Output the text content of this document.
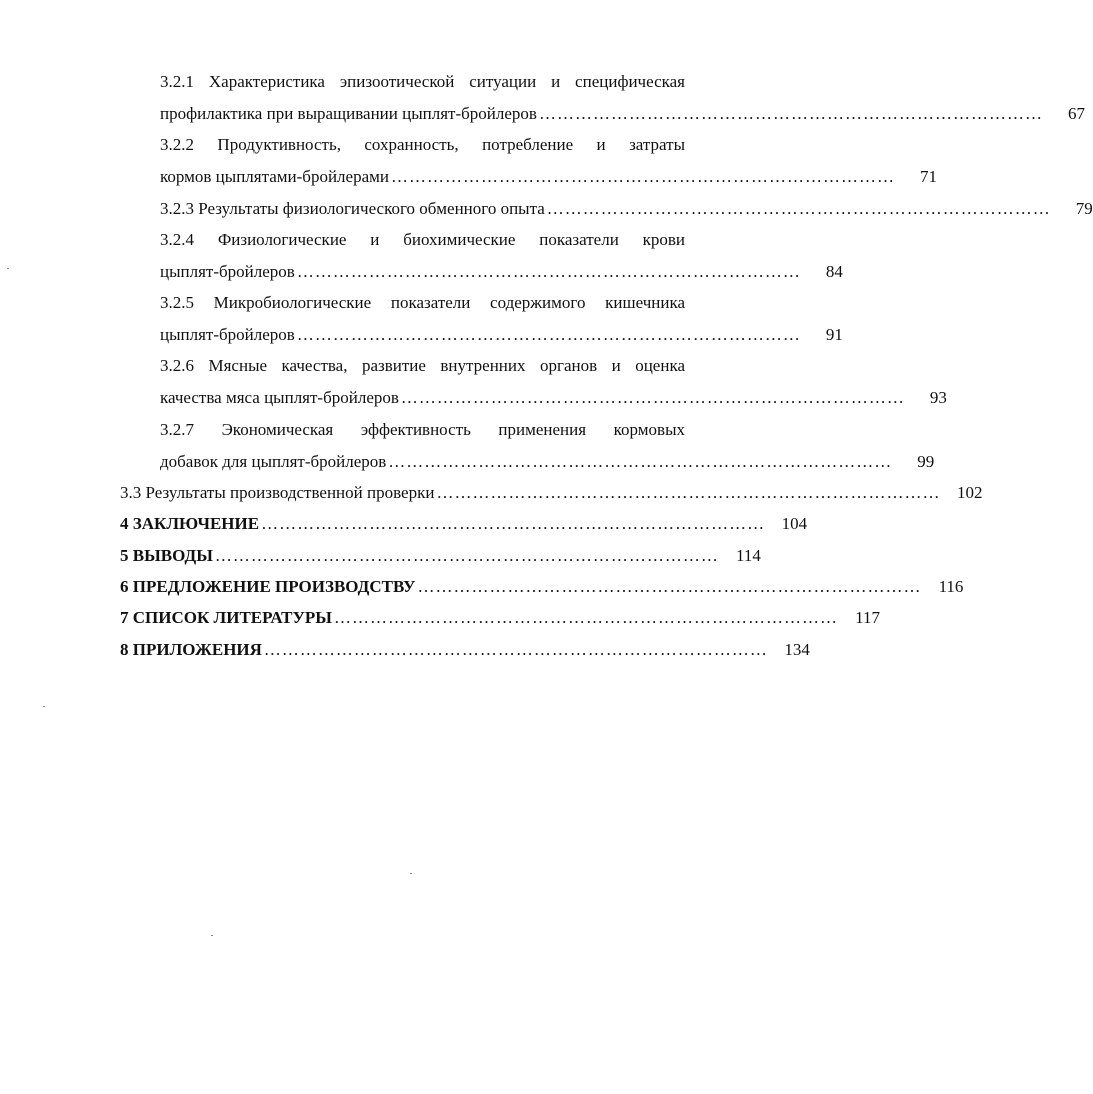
3.2.1 Характеристика эпизоотической ситуации и специфическая
профилактика при выращивании цыплят-бройлеров …………………………………………………………………………	67
3.2.2 Продуктивность, сохранность, потребление и затраты
кормов цыплятами-бройлерами …………………………………………………………………………	71
3.2.3 Результаты физиологического обменного опыта …………………………………………………………………………	79
3.2.4 Физиологические и биохимические показатели крови
цыплят-бройлеров …………………………………………………………………………	84
3.2.5 Микробиологические показатели содержимого кишечника
цыплят-бройлеров …………………………………………………………………………	91
3.2.6 Мясные качества, развитие внутренних органов и оценка
качества мяса цыплят-бройлеров …………………………………………………………………………	93
3.2.7 Экономическая эффективность применения кормовых
добавок для цыплят-бройлеров …………………………………………………………………………	99
3.3 Результаты производственной проверки ………………………………………………………………………… 102
4 ЗАКЛЮЧЕНИЕ ………………………………………………………………………… 104
5 ВЫВОДЫ …………………………………………………………………………	114
6 ПРЕДЛОЖЕНИЕ ПРОИЗВОДСТВУ …………………………………………………………………………	116
7 СПИСОК ЛИТЕРАТУРЫ …………………………………………………………………………	117
8 ПРИЛОЖЕНИЯ ………………………………………………………………………… 134
